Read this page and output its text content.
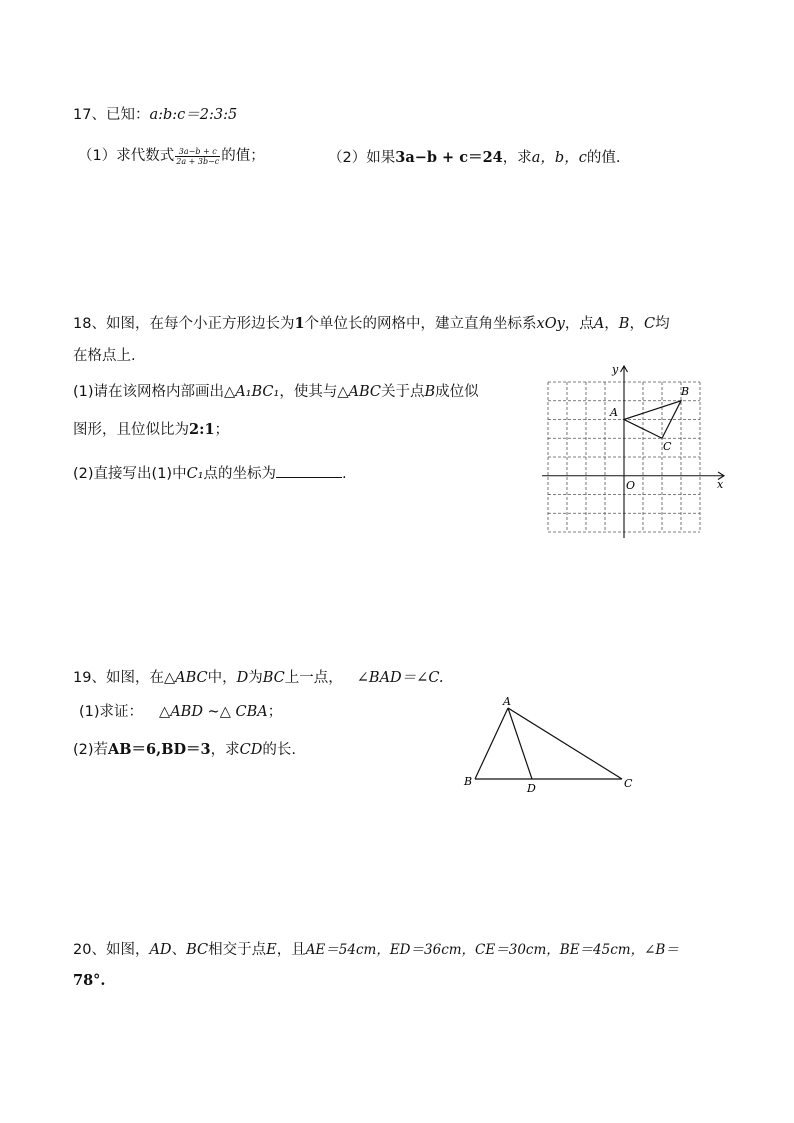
17、已知：a:b:c＝2:3:5
（1）求代数式 $\frac{3a-b + c}{2a + 3b-c}$ 的值；	（2）如果3a−b + c＝24，求a，b，c的值.
18、如图，在每个小正方形边长为1个单位长的网格中，建立直角坐标系xOy，点A，B，C均
在格点上.
(1)请在该网格内部画出△A₁BC₁，使其与△ABC关于点B成位似
图形，且位似比为2:1；
(2)直接写出(1)中C₁点的坐标为	.
y
x
O
A
B
C
19、如图，在△ABC中，D为BC上一点， ∠BAD＝∠C.
(1)求证： △ABD ~△ CBA；
(2)若AB＝6,BD＝3，求CD的长.
A
B
D	C
20、如图，AD、BC相交于点E，且AE＝54cm，ED＝36cm，CE＝30cm，BE＝45cm，∠B＝
78°.
